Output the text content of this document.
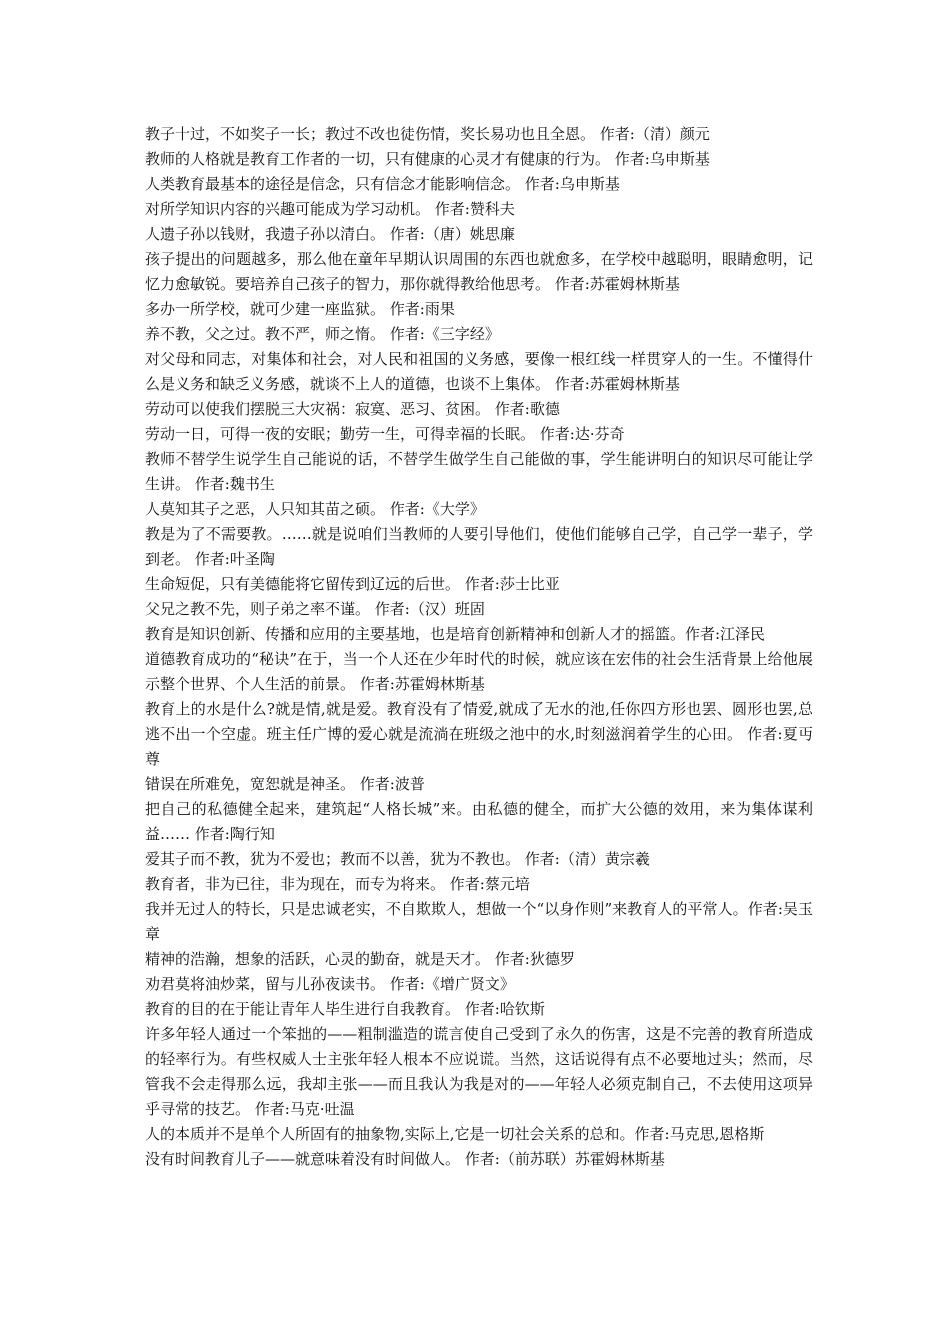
教子十过，不如奖子一长；教过不改也徒伤情，奖长易功也且全恩。 作者:（清）颜元

教师的人格就是教育工作者的一切，只有健康的心灵才有健康的行为。 作者:乌申斯基

人类教育最基本的途径是信念，只有信念才能影响信念。 作者:乌申斯基

对所学知识内容的兴趣可能成为学习动机。 作者:赞科夫

人遗子孙以钱财，我遗子孙以清白。 作者:（唐）姚思廉

孩子提出的问题越多，那么他在童年早期认识周围的东西也就愈多，在学校中越聪明，眼睛愈明，记忆力愈敏锐。要培养自己孩子的智力，那你就得教给他思考。 作者:苏霍姆林斯基

多办一所学校，就可少建一座监狱。 作者:雨果

养不教，父之过。教不严，师之惰。 作者:《三字经》

对父母和同志，对集体和社会，对人民和祖国的义务感，要像一根红线一样贯穿人的一生。不懂得什么是义务和缺乏义务感，就谈不上人的道德，也谈不上集体。 作者:苏霍姆林斯基

劳动可以使我们摆脱三大灾祸：寂寞、恶习、贫困。 作者:歌德

劳动一日，可得一夜的安眠；勤劳一生，可得幸福的长眠。 作者:达·芬奇

教师不替学生说学生自己能说的话，不替学生做学生自己能做的事，学生能讲明白的知识尽可能让学生讲。 作者:魏书生

人莫知其子之恶，人只知其苗之硕。 作者:《大学》

教是为了不需要教。……就是说咱们当教师的人要引导他们，使他们能够自己学，自己学一辈子，学到老。 作者:叶圣陶

生命短促，只有美德能将它留传到辽远的后世。 作者:莎士比亚

父兄之教不先，则子弟之率不谨。 作者:（汉）班固

教育是知识创新、传播和应用的主要基地，也是培育创新精神和创新人才的摇篮。作者:江泽民

道德教育成功的“秘诀”在于，当一个人还在少年时代的时候，就应该在宏伟的社会生活背景上给他展示整个世界、个人生活的前景。 作者:苏霍姆林斯基

教育上的水是什么?就是情,就是爱。教育没有了情爱,就成了无水的池,任你四方形也罢、圆形也罢,总逃不出一个空虚。班主任广博的爱心就是流淌在班级之池中的水,时刻滋润着学生的心田。 作者:夏丏尊

错误在所难免，宽恕就是神圣。 作者:波普

把自己的私德健全起来，建筑起“人格长城”来。由私德的健全，而扩大公德的效用，来为集体谋利益…… 作者:陶行知

爱其子而不教，犹为不爱也；教而不以善，犹为不教也。 作者:（清）黄宗羲

教育者，非为已往，非为现在，而专为将来。 作者:蔡元培

我并无过人的特长，只是忠诚老实，不自欺欺人，想做一个“以身作则”来教育人的平常人。作者:吴玉章

精神的浩瀚，想象的活跃，心灵的勤奋，就是天才。 作者:狄德罗

劝君莫将油炒菜，留与儿孙夜读书。 作者:《增广贤文》

教育的目的在于能让青年人毕生进行自我教育。 作者:哈钦斯

许多年轻人通过一个笨拙的——粗制滥造的谎言使自己受到了永久的伤害，这是不完善的教育所造成的轻率行为。有些权威人士主张年轻人根本不应说谎。当然，这话说得有点不必要地过头；然而，尽管我不会走得那么远，我却主张——而且我认为我是对的——年轻人必须克制自己，不去使用这项异乎寻常的技艺。 作者:马克·吐温

人的本质并不是单个人所固有的抽象物,实际上,它是一切社会关系的总和。作者:马克思,恩格斯

没有时间教育儿子——就意味着没有时间做人。 作者:（前苏联）苏霍姆林斯基
